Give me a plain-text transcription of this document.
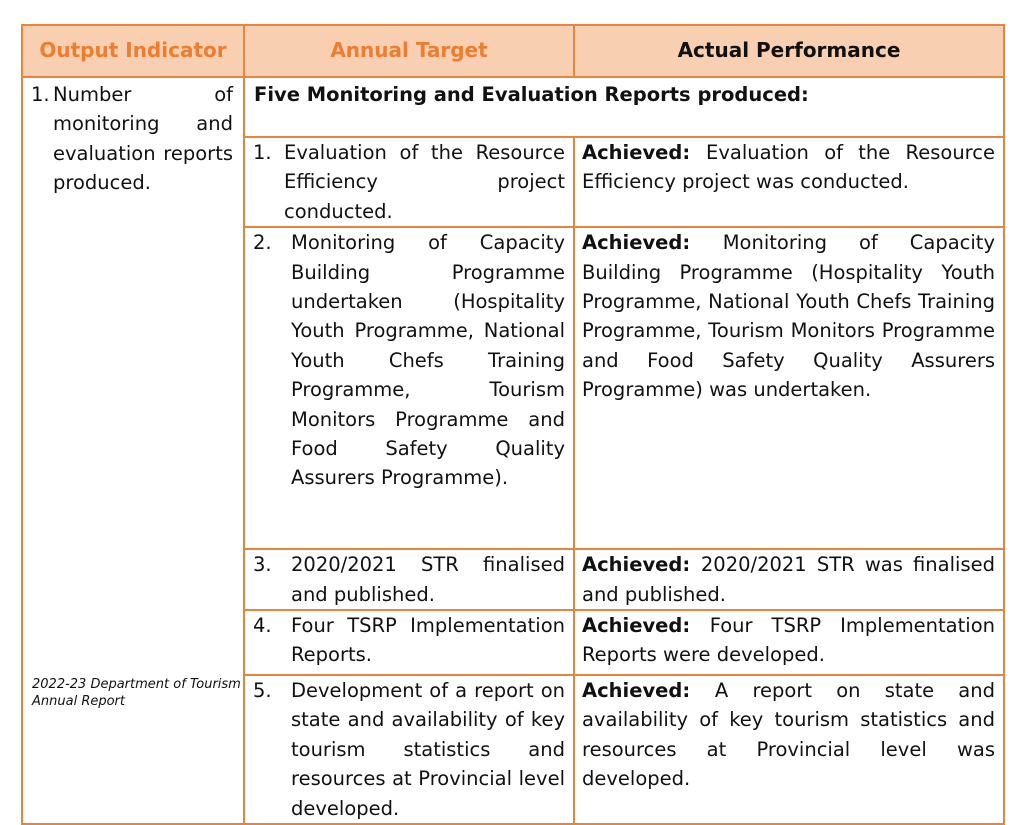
Output Indicator	Annual Target	Actual Performance

1. Number of monitoring and evaluation reports produced.	Five Monitoring and Evaluation Reports produced:	

	1. Evaluation of the Resource Efficiency project conducted.	Achieved: Evaluation of the Resource Efficiency project was conducted.

	2. Monitoring of Capacity Building Programme undertaken (Hospitality Youth Programme, National Youth Chefs Training Programme, Tourism Monitors Programme and Food Safety Quality Assurers Programme).	Achieved: Monitoring of Capacity Building Programme (Hospitality Youth Programme, National Youth Chefs Training Programme, Tourism Monitors Programme and Food Safety Quality Assurers Programme) was undertaken.

	3. 2020/2021 STR finalised and published.	Achieved: 2020/2021 STR was finalised and published.

	4. Four TSRP Implementation Reports.	Achieved: Four TSRP Implementation Reports were developed.

	5. Development of a report on state and availability of key tourism statistics and resources at Provincial level developed.	Achieved: A report on state and availability of key tourism statistics and resources at Provincial level was developed.
2022-23 Department of Tourism Annual Report
